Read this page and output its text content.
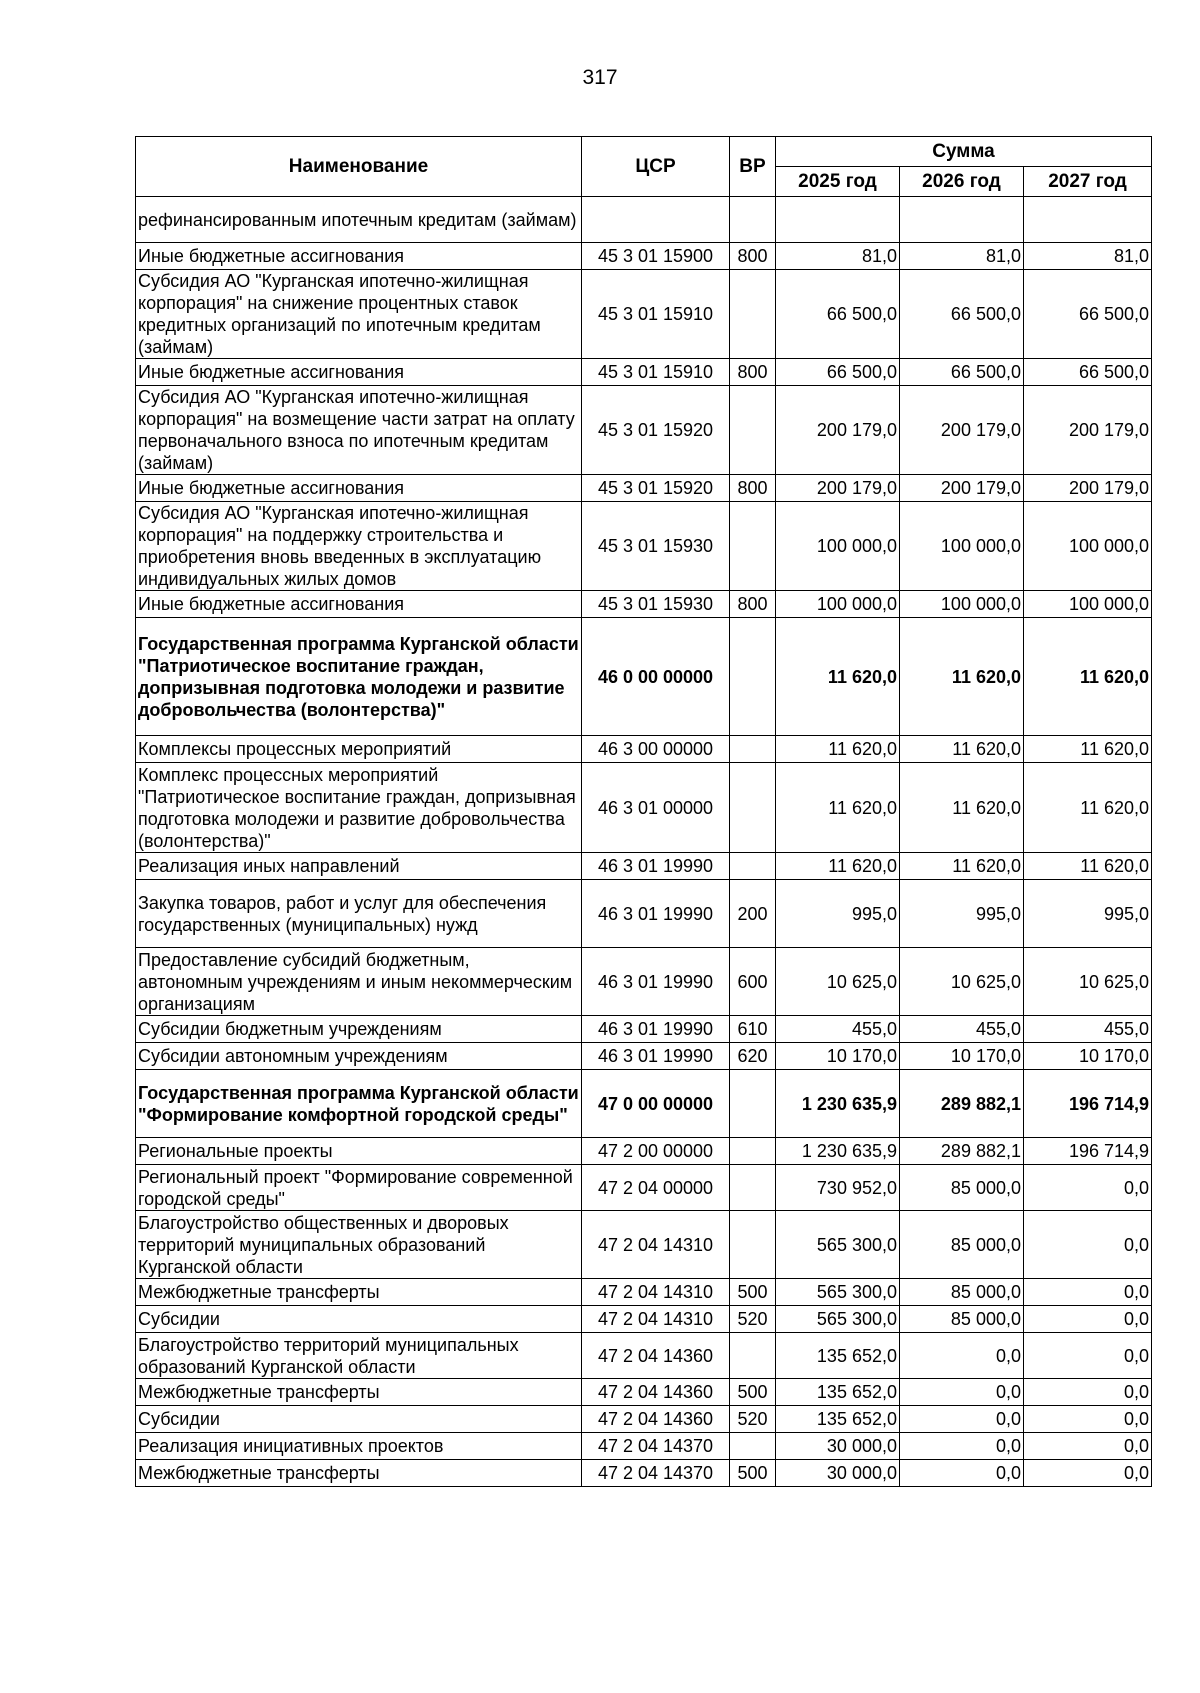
317
Наименование	ЦСР	ВР	Сумма		
			2025 год	2026 год	2027 год
рефинансированным ипотечным кредитам (займам)					
Иные бюджетные ассигнования	45 3 01 15900	800	81,0	81,0	81,0
Субсидия АО "Курганская ипотечно-жилищная корпорация" на снижение процентных ставок кредитных организаций по ипотечным кредитам (займам)	45 3 01 15910		66 500,0	66 500,0	66 500,0
Иные бюджетные ассигнования	45 3 01 15910	800	66 500,0	66 500,0	66 500,0
Субсидия АО "Курганская ипотечно-жилищная корпорация" на возмещение части затрат на оплату первоначального взноса по ипотечным кредитам (займам)	45 3 01 15920		200 179,0	200 179,0	200 179,0
Иные бюджетные ассигнования	45 3 01 15920	800	200 179,0	200 179,0	200 179,0
Субсидия АО "Курганская ипотечно-жилищная корпорация" на поддержку строительства и приобретения вновь введенных в эксплуатацию индивидуальных жилых домов	45 3 01 15930		100 000,0	100 000,0	100 000,0
Иные бюджетные ассигнования	45 3 01 15930	800	100 000,0	100 000,0	100 000,0
Государственная программа Курганской области "Патриотическое воспитание граждан, допризывная подготовка молодежи и развитие добровольчества (волонтерства)"	46 0 00 00000		11 620,0	11 620,0	11 620,0
Комплексы процессных мероприятий	46 3 00 00000		11 620,0	11 620,0	11 620,0
Комплекс процессных мероприятий "Патриотическое воспитание граждан, допризывная подготовка молодежи и развитие добровольчества (волонтерства)"	46 3 01 00000		11 620,0	11 620,0	11 620,0
Реализация иных направлений	46 3 01 19990		11 620,0	11 620,0	11 620,0
Закупка товаров, работ и услуг для обеспечения государственных (муниципальных) нужд	46 3 01 19990	200	995,0	995,0	995,0
Предоставление субсидий бюджетным, автономным учреждениям и иным некоммерческим организациям	46 3 01 19990	600	10 625,0	10 625,0	10 625,0
Субсидии бюджетным учреждениям	46 3 01 19990	610	455,0	455,0	455,0
Субсидии автономным учреждениям	46 3 01 19990	620	10 170,0	10 170,0	10 170,0
Государственная программа Курганской области "Формирование комфортной городской среды"	47 0 00 00000		1 230 635,9	289 882,1	196 714,9
Региональные проекты	47 2 00 00000		1 230 635,9	289 882,1	196 714,9
Региональный проект "Формирование современной городской среды"	47 2 04 00000		730 952,0	85 000,0	0,0
Благоустройство общественных и дворовых территорий муниципальных образований Курганской области	47 2 04 14310		565 300,0	85 000,0	0,0
Межбюджетные трансферты	47 2 04 14310	500	565 300,0	85 000,0	0,0
Субсидии	47 2 04 14310	520	565 300,0	85 000,0	0,0
Благоустройство территорий муниципальных образований Курганской области	47 2 04 14360		135 652,0	0,0	0,0
Межбюджетные трансферты	47 2 04 14360	500	135 652,0	0,0	0,0
Субсидии	47 2 04 14360	520	135 652,0	0,0	0,0
Реализация инициативных проектов	47 2 04 14370		30 000,0	0,0	0,0
Межбюджетные трансферты	47 2 04 14370	500	30 000,0	0,0	0,0
